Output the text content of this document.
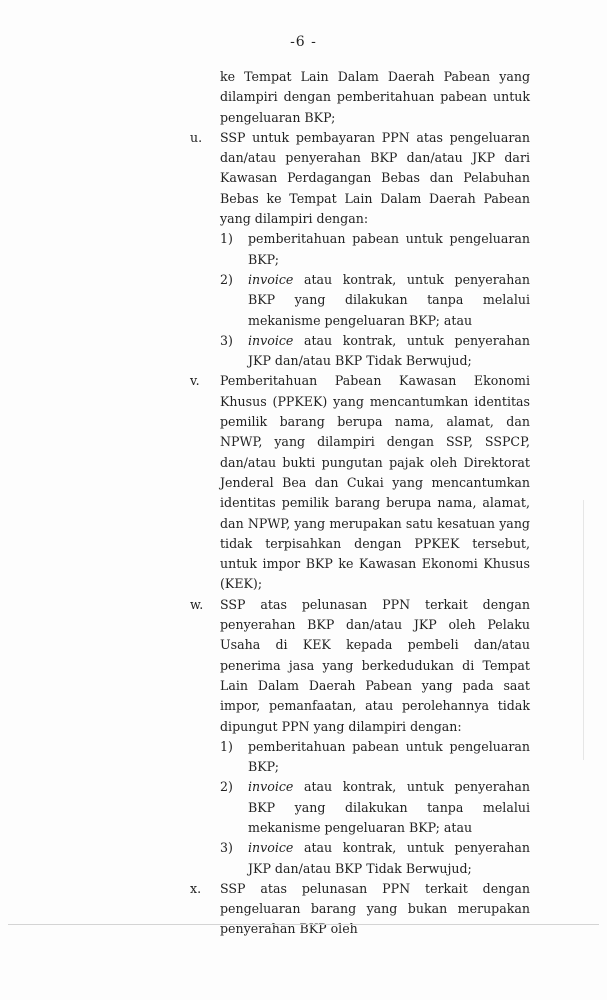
-6 -
ke Tempat Lain Dalam Daerah Pabean yang dilampiri dengan pemberitahuan pabean untuk pengeluaran BKP;
u. SSP untuk pembayaran PPN atas pengeluaran dan/atau penyerahan BKP dan/atau JKP dari Kawasan Perdagangan Bebas dan Pelabuhan Bebas ke Tempat Lain Dalam Daerah Pabean yang dilampiri dengan:
1) pemberitahuan pabean untuk pengeluaran BKP;
2) invoice atau kontrak, untuk penyerahan BKP yang dilakukan tanpa melalui mekanisme pengeluaran BKP; atau
3) invoice atau kontrak, untuk penyerahan JKP dan/atau BKP Tidak Berwujud;
v. Pemberitahuan Pabean Kawasan Ekonomi Khusus (PPKEK) yang mencantumkan identitas pemilik barang berupa nama, alamat, dan NPWP, yang dilampiri dengan SSP, SSPCP, dan/atau bukti pungutan pajak oleh Direktorat Jenderal Bea dan Cukai yang mencantumkan identitas pemilik barang berupa nama, alamat, dan NPWP, yang merupakan satu kesatuan yang tidak terpisahkan dengan PPKEK tersebut, untuk impor BKP ke Kawasan Ekonomi Khusus (KEK);
w. SSP atas pelunasan PPN terkait dengan penyerahan BKP dan/atau JKP oleh Pelaku Usaha di KEK kepada pembeli dan/atau penerima jasa yang berkedudukan di Tempat Lain Dalam Daerah Pabean yang pada saat impor, pemanfaatan, atau perolehannya tidak dipungut PPN yang dilampiri dengan:
1) pemberitahuan pabean untuk pengeluaran BKP;
2) invoice atau kontrak, untuk penyerahan BKP yang dilakukan tanpa melalui mekanisme pengeluaran BKP; atau
3) invoice atau kontrak, untuk penyerahan JKP dan/atau BKP Tidak Berwujud;
x. SSP atas pelunasan PPN terkait dengan pengeluaran barang yang bukan merupakan penyerahan BKP oleh
